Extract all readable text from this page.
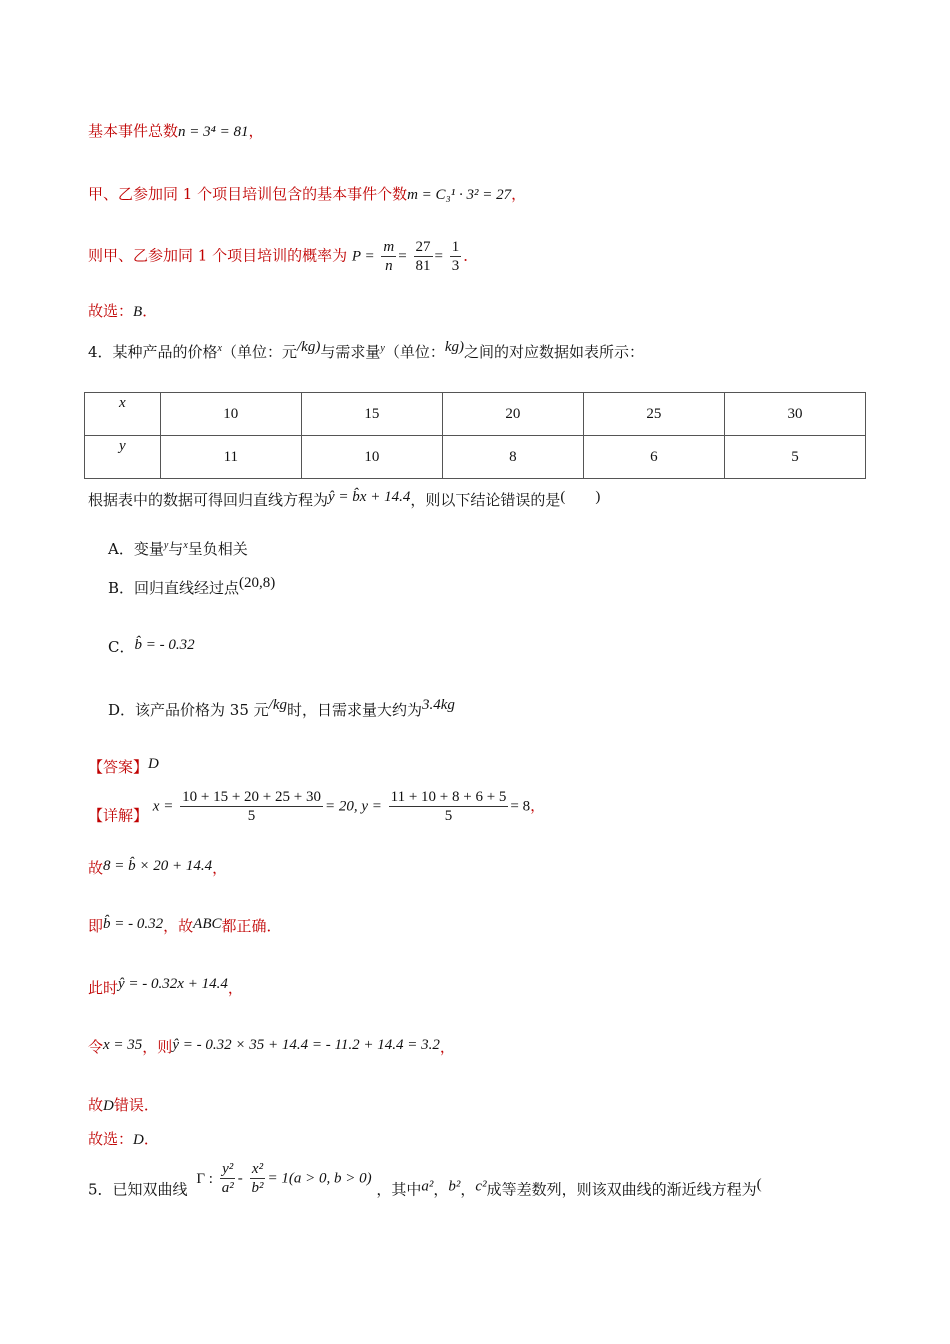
基本事件总数n = 3⁴ = 81，
甲、乙参加同 1 个项目培训包含的基本事件个数m = C₃¹ · 3² = 27，
则甲、乙参加同 1 个项目培训的概率为 $P = \frac{m}{n} = \frac{27}{81} = \frac{1}{3}$ ．
故选：B．
4．某种产品的价格$^x$（单位：元/kg)与需求量$^y$（单位：kg)之间的对应数据如表所示：
x	10	15	20	25	30
y	11	10	8	6	5
根据表中的数据可得回归直线方程为ŷ = b̂x + 14.4，则以下结论错误的是(　　)
A．变量$^y$与$^x$呈负相关
B．回归直线经过点(20,8)
C．b̂ = - 0.32
D．该产品价格为 35 元/kg时，日需求量大约为3.4kg
【答案】D
【详解】 $x = \frac{10 + 15 + 20 + 25 + 30}{5} = 20$, $y = \frac{11 + 10 + 8 + 6 + 5}{5} = 8$，
故8 = b̂ × 20 + 14.4，
即b̂ = - 0.32，故ABC都正确．
此时ŷ = - 0.32x + 14.4，
令x = 35，则ŷ = - 0.32 × 35 + 14.4 = - 11.2 + 14.4 = 3.2，
故D错误．
故选：D．
5．已知双曲线 Γ : $\frac{\text{y²}}{\text{a²}} - \frac{\text{x²}}{\text{b²}} = 1(a > 0$, b > 0) ，其中a²，b²，c²成等差数列，则该双曲线的渐近线方程为(
